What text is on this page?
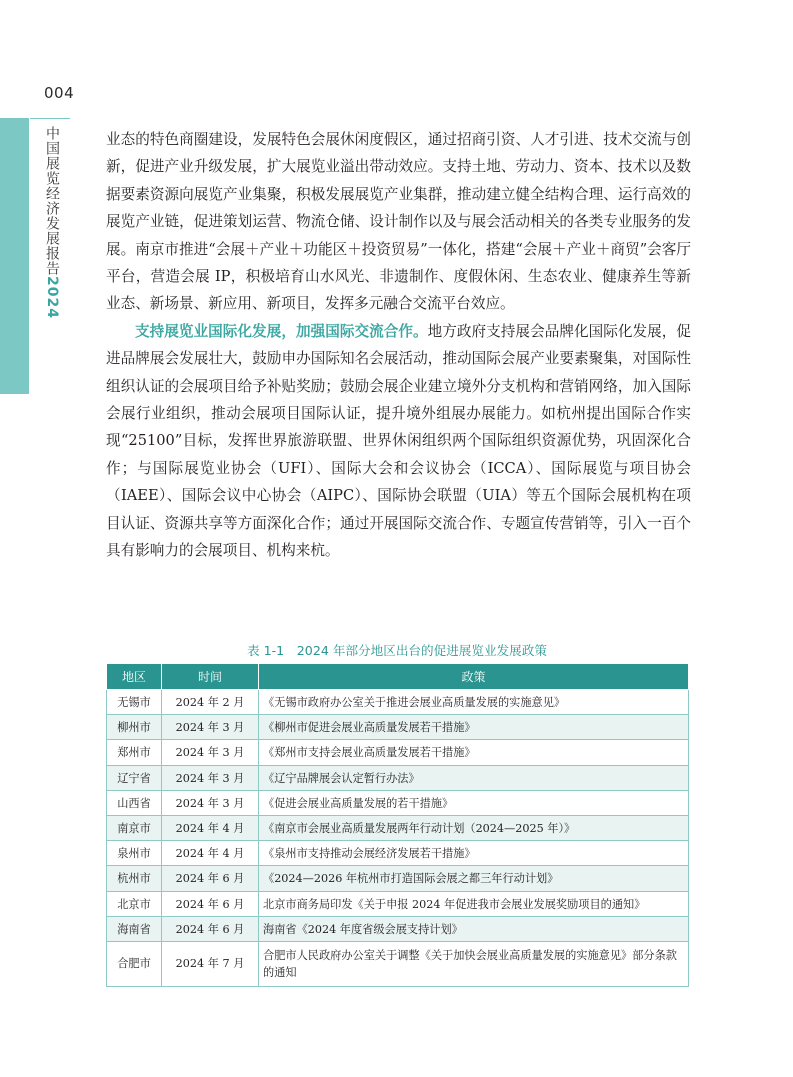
004
中国展览经济发展报告2024

业态的特色商圈建设，发展特色会展休闲度假区，通过招商引资、人才引进、技术交流与创新，促进产业升级发展，扩大展览业溢出带动效应。支持土地、劳动力、资本、技术以及数据要素资源向展览产业集聚，积极发展展览产业集群，推动建立健全结构合理、运行高效的展览产业链，促进策划运营、物流仓储、设计制作以及与展会活动相关的各类专业服务的发展。南京市推进“会展＋产业＋功能区＋投资贸易”一体化，搭建“会展＋产业＋商贸”会客厅平台，营造会展 IP，积极培育山水风光、非遗制作、度假休闲、生态农业、健康养生等新业态、新场景、新应用、新项目，发挥多元融合交流平台效应。

支持展览业国际化发展，加强国际交流合作。地方政府支持展会品牌化国际化发展，促进品牌展会发展壮大，鼓励申办国际知名会展活动，推动国际会展产业要素聚集，对国际性组织认证的会展项目给予补贴奖励；鼓励会展企业建立境外分支机构和营销网络，加入国际会展行业组织，推动会展项目国际认证，提升境外组展办展能力。如杭州提出国际合作实现“25100”目标，发挥世界旅游联盟、世界休闲组织两个国际组织资源优势，巩固深化合作；与国际展览业协会（UFI）、国际大会和会议协会（ICCA）、国际展览与项目协会（IAEE）、国际会议中心协会（AIPC）、国际协会联盟（UIA）等五个国际会展机构在项目认证、资源共享等方面深化合作；通过开展国际交流合作、专题宣传营销等，引入一百个具有影响力的会展项目、机构来杭。

表 1-1　2024 年部分地区出台的促进展览业发展政策
地区	时间	政策
无锡市	2024 年 2 月	《无锡市政府办公室关于推进会展业高质量发展的实施意见》
柳州市	2024 年 3 月	《柳州市促进会展业高质量发展若干措施》
郑州市	2024 年 3 月	《郑州市支持会展业高质量发展若干措施》
辽宁省	2024 年 3 月	《辽宁品牌展会认定暂行办法》
山西省	2024 年 3 月	《促进会展业高质量发展的若干措施》
南京市	2024 年 4 月	《南京市会展业高质量发展两年行动计划（2024—2025 年）》
泉州市	2024 年 4 月	《泉州市支持推动会展经济发展若干措施》
杭州市	2024 年 6 月	《2024—2026 年杭州市打造国际会展之都三年行动计划》
北京市	2024 年 6 月	北京市商务局印发《关于申报 2024 年促进我市会展业发展奖励项目的通知》
海南省	2024 年 6 月	海南省《2024 年度省级会展支持计划》
合肥市	2024 年 7 月	合肥市人民政府办公室关于调整《关于加快会展业高质量发展的实施意见》部分条款的通知
